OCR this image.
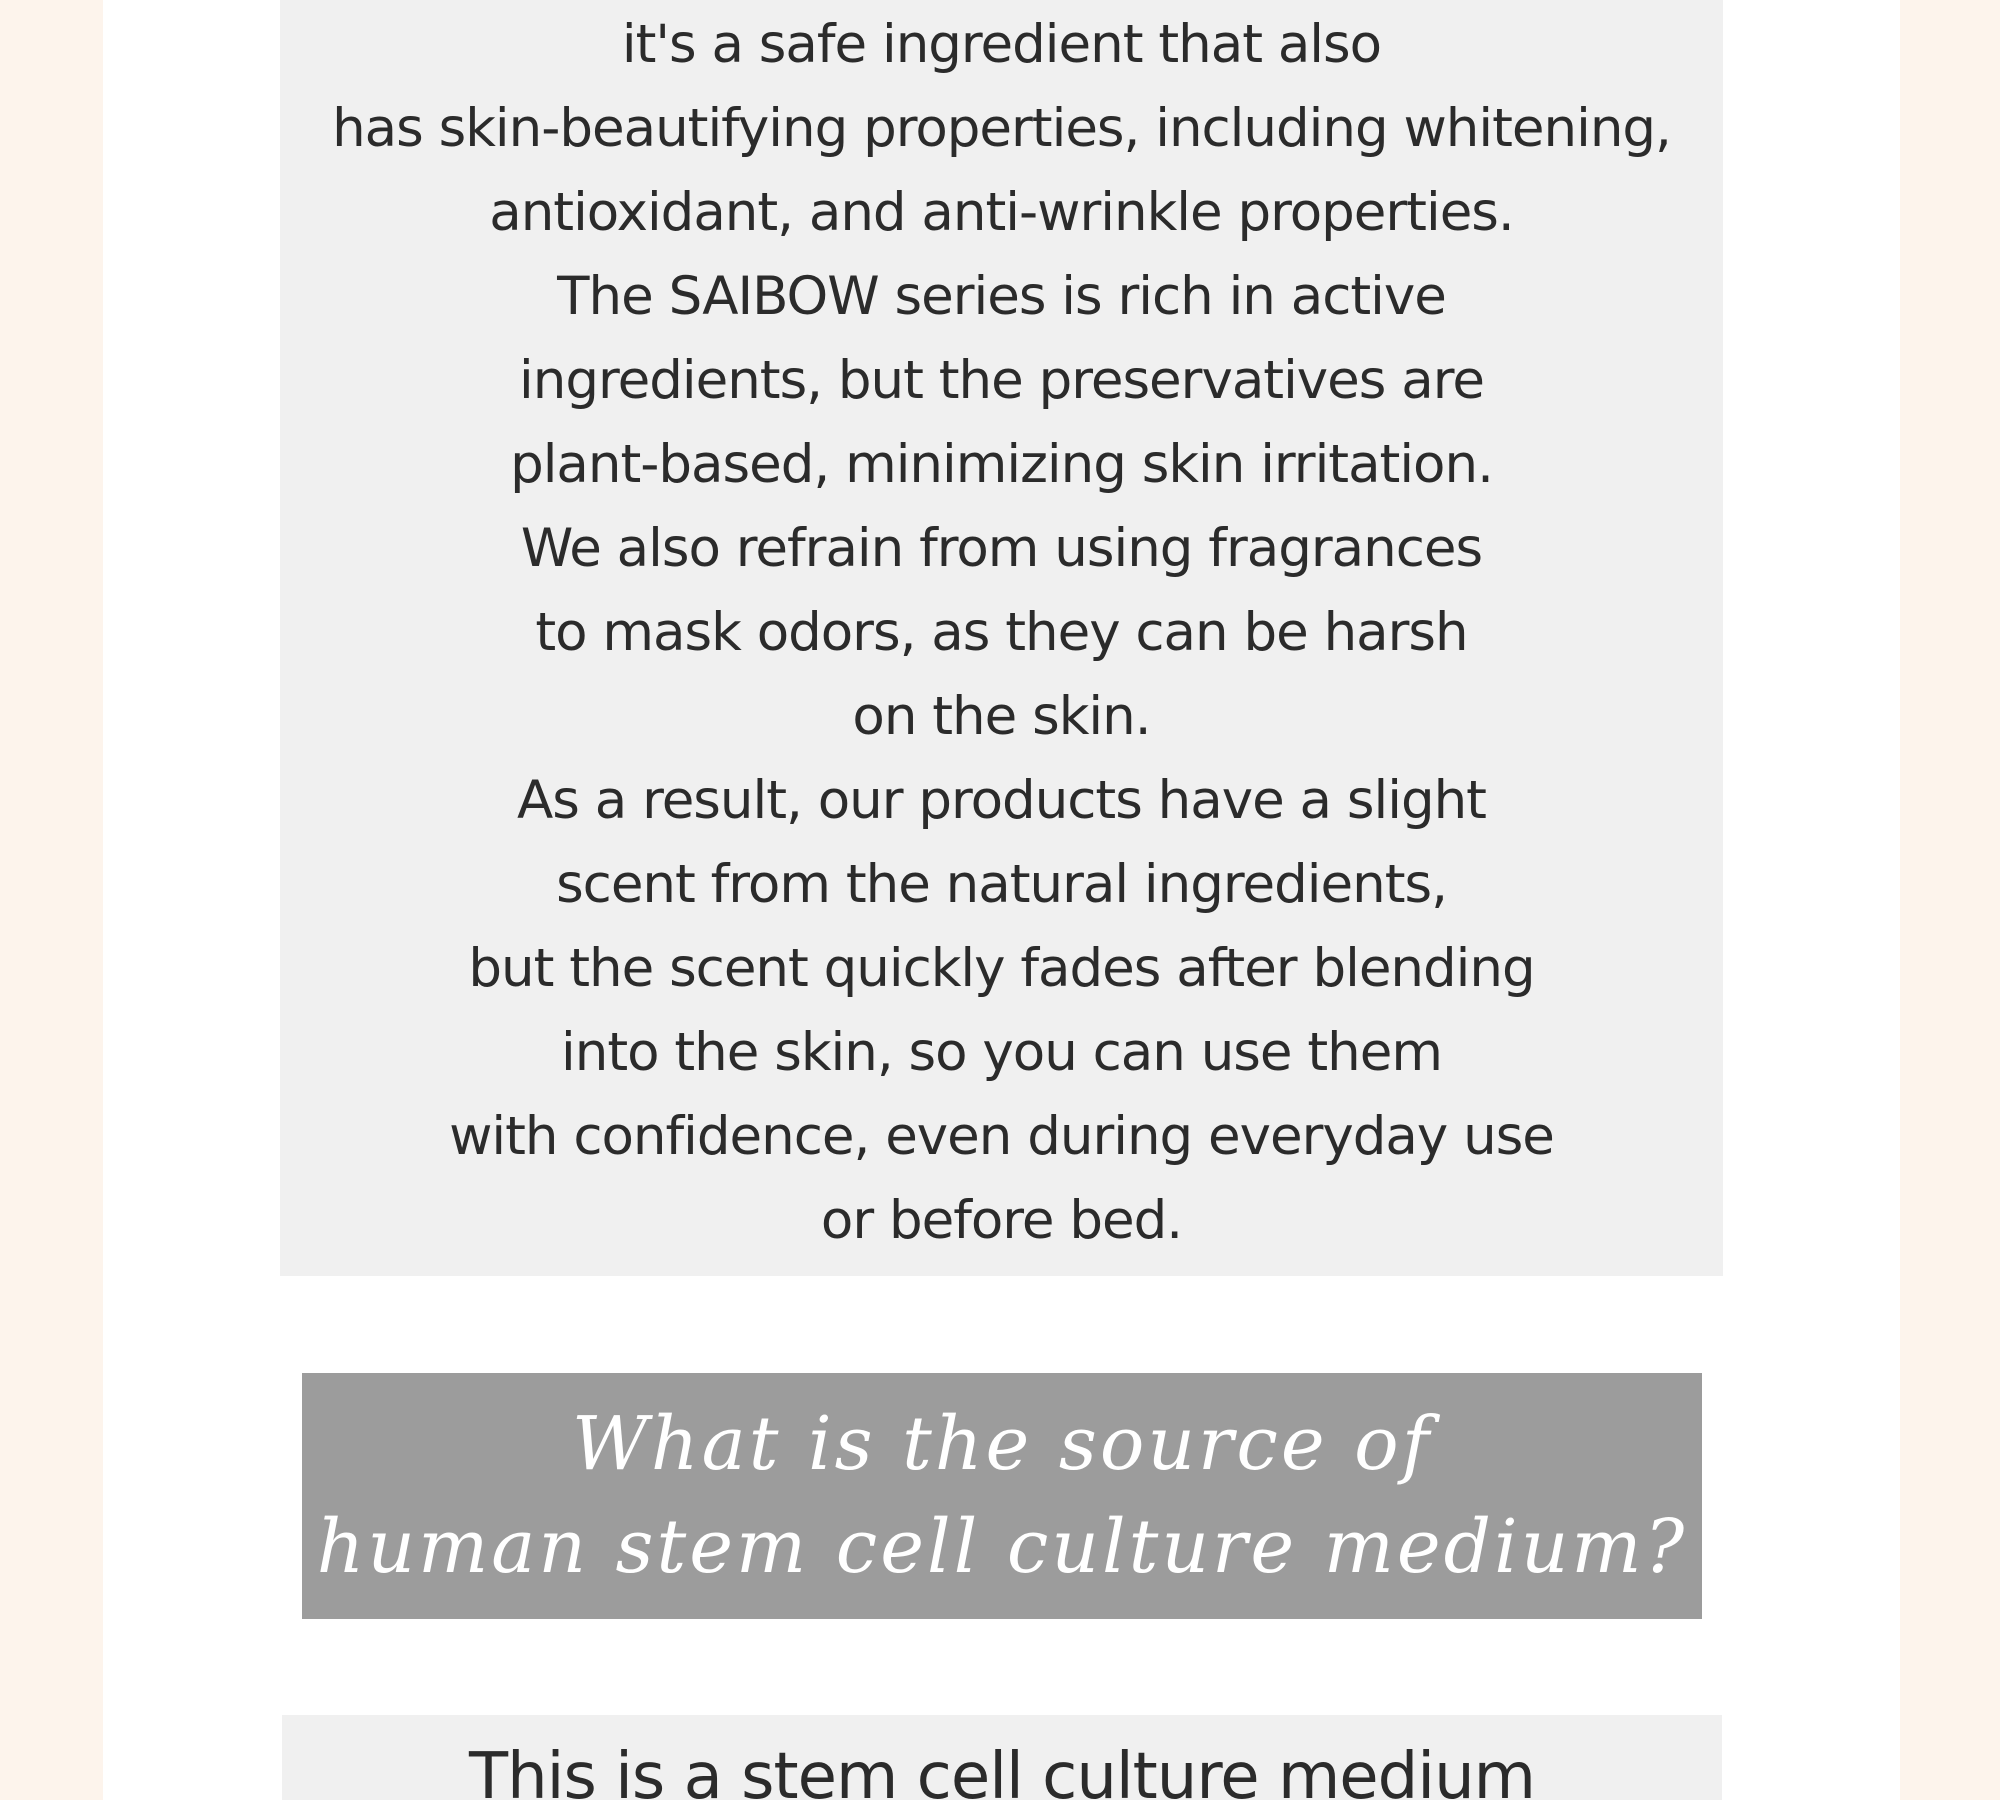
it's a safe ingredient that also
has skin-beautifying properties, including whitening,
antioxidant, and anti-wrinkle properties.
The SAIBOW series is rich in active
ingredients, but the preservatives are
plant-based, minimizing skin irritation.
We also refrain from using fragrances
to mask odors, as they can be harsh
on the skin.
As a result, our products have a slight
scent from the natural ingredients,
but the scent quickly fades after blending
into the skin, so you can use them
with confidence, even during everyday use
or before bed.
What is the source of
human stem cell culture medium?
This is a stem cell culture medium
